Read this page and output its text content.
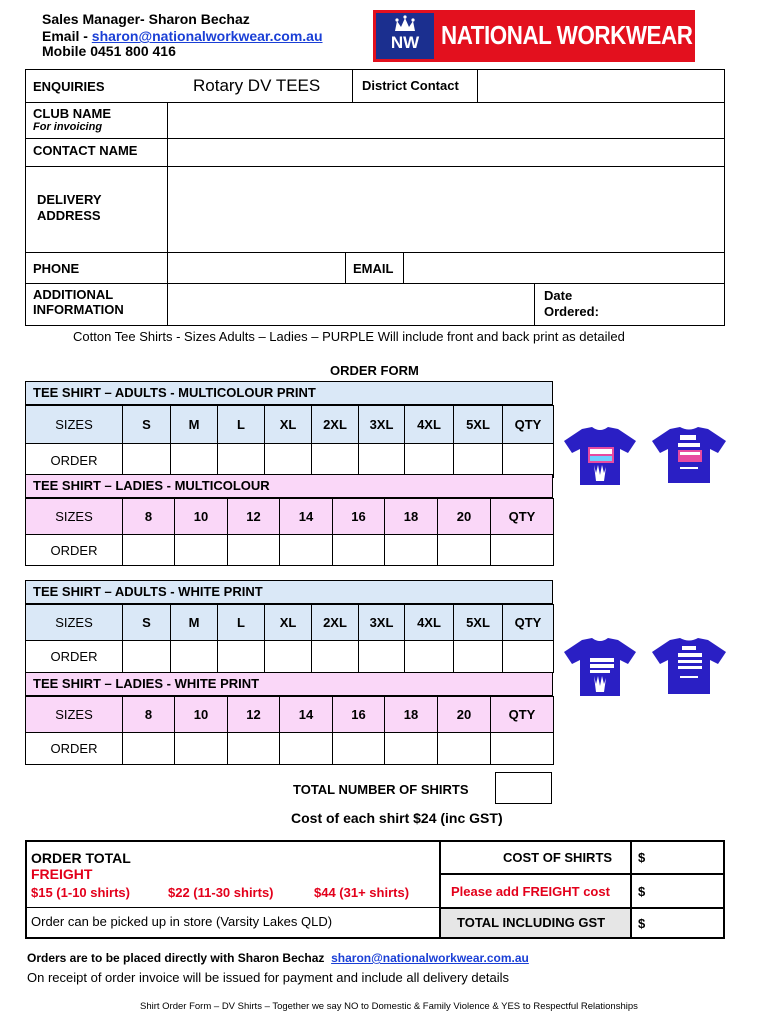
Sales Manager- Sharon Bechaz
Email - sharon@nationalworkwear.com.au
Mobile 0451 800 416	NW NATIONAL WORKWEAR
ENQUIRIES	Rotary DV TEES	District Contact
CLUB NAME
For invoicing
CONTACT NAME
DELIVERY
ADDRESS
PHONE	EMAIL
ADDITIONAL
INFORMATION
Date
Ordered:
Cotton Tee Shirts - Sizes Adults – Ladies – PURPLE Will include front and back print as detailed
ORDER FORM
TEE SHIRT – ADULTS - MULTICOLOUR PRINT
SIZES	S	M	L	XL	2XL	3XL	4XL	5XL	QTY
ORDER									
TEE SHIRT – LADIES - MULTICOLOUR
SIZES	8	10	12	14	16	18	20	QTY
ORDER								
TEE SHIRT – ADULTS - WHITE PRINT
SIZES	S	M	L	XL	2XL	3XL	4XL	5XL	QTY
ORDER									
TEE SHIRT – LADIES - WHITE PRINT
SIZES	8	10	12	14	16	18	20	QTY
ORDER								
TOTAL NUMBER OF SHIRTS
Cost of each shirt $24 (inc GST)
ORDER TOTAL
FREIGHT
$15 (1-10 shirts)	$22 (11-30 shirts)	$44 (31+ shirts)
Order can be picked up in store (Varsity Lakes QLD)
COST OF SHIRTS
Please add FREIGHT cost
TOTAL INCLUDING GST
$
$
$
Orders are to be placed directly with Sharon Bechaz sharon@nationalworkwear.com.au
On receipt of order invoice will be issued for payment and include all delivery details
Shirt Order Form – DV Shirts – Together we say NO to Domestic & Family Violence & YES to Respectful Relationships
